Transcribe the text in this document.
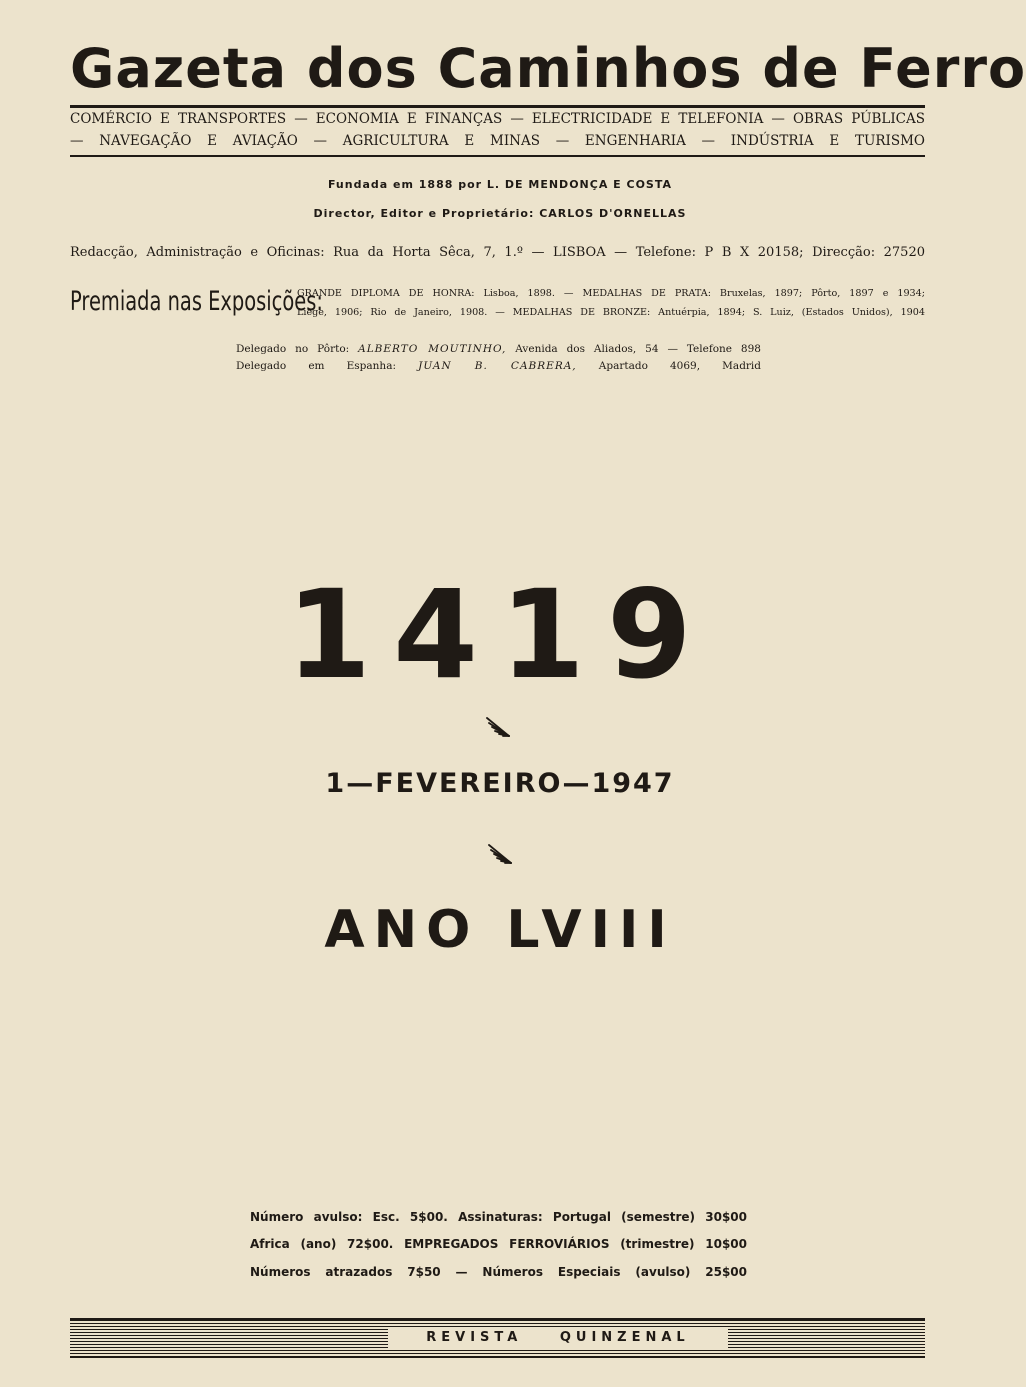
Gazeta dos Caminhos de Ferro
COMÉRCIO E TRANSPORTES — ECONOMIA E FINANÇAS — ELECTRICIDADE E TELEFONIA — OBRAS PÚBLICAS
— NAVEGAÇÃO E AVIAÇÃO — AGRICULTURA E MINAS — ENGENHARIA — INDÚSTRIA E TURISMO
Fundada em 1888 por L. DE MENDONÇA E COSTA
Director, Editor e Proprietário: CARLOS D'ORNELLAS
Redacção, Administração e Oficinas: Rua da Horta Sêca, 7, 1.º — LISBOA — Telefone: P B X 20158; Direcção: 27520
Premiada nas Exposições:
GRANDE DIPLOMA DE HONRA: Lisboa, 1898. — MEDALHAS DE PRATA: Bruxelas, 1897; Pôrto, 1897 e 1934;
Liège, 1906; Rio de Janeiro, 1908. — MEDALHAS DE BRONZE: Antuérpia, 1894; S. Luiz, (Estados Unidos), 1904
Delegado no Pôrto: ALBERTO MOUTINHO, Avenida dos Aliados, 54 — Telefone 898
Delegado em Espanha: JUAN B. CABRERA, Apartado 4069, Madrid
1419
1—FEVEREIRO—1947
ANO LVIII
Número avulso: Esc. 5$00. Assinaturas: Portugal (semestre) 30$00
Africa (ano) 72$00. EMPREGADOS FERROVIÁRIOS (trimestre) 10$00
Números atrazados 7$50 — Números Especiais (avulso) 25$00
REVISTA QUINZENAL
